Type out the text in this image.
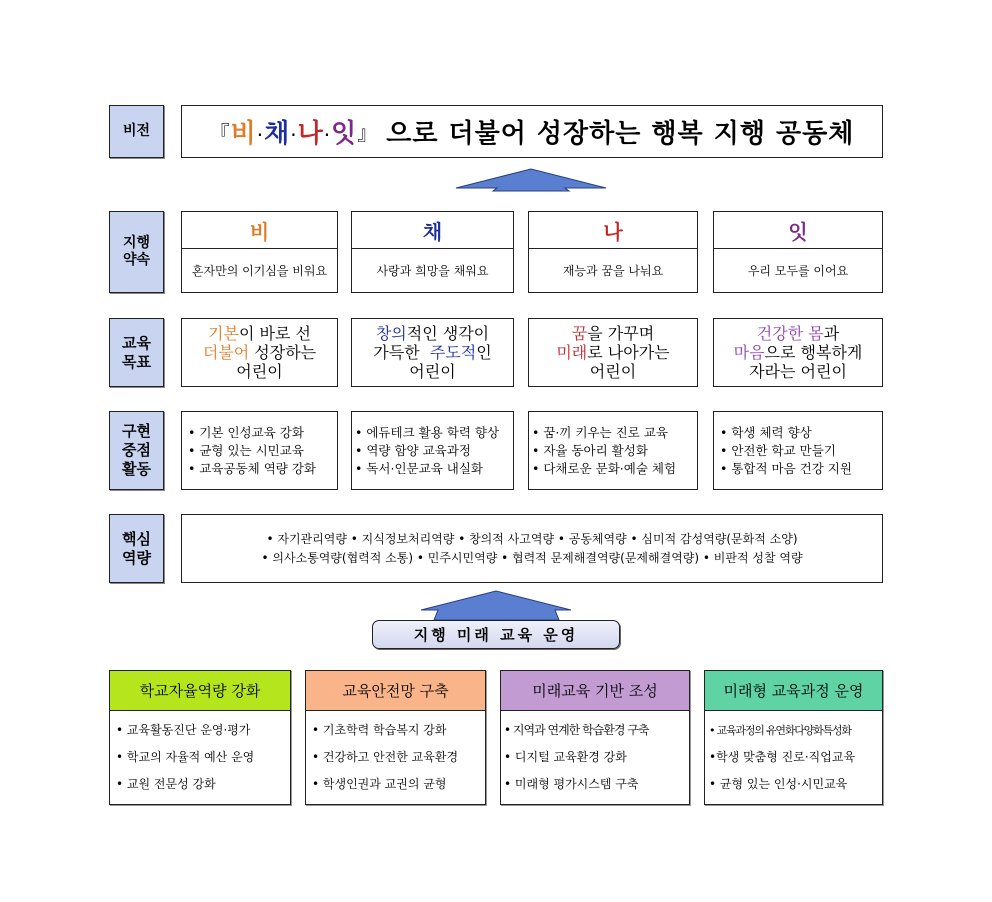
비전	『 비·채·나·잇 』 으로 더불어 성장하는 행복 지행 공동체
지행
약속
비
혼자만의 이기심을 비워요
채
사랑과 희망을 채워요
나
재능과 꿈을 나눠요
잇
우리 모두를 이어요
교육
목표
기본이 바로 선
더불어 성장하는
어린이
창의적인 생각이
가득한  주도적인
어린이
꿈을 가꾸며
미래로 나아가는
어린이
건강한 몸과
마음으로 행복하게
자라는 어린이
구현
중점
활동
• 기본 인성교육 강화
• 균형 있는 시민교육
• 교육공동체 역량 강화
• 에듀테크 활용 학력 향상
• 역량 함양 교육과정
• 독서·인문교육 내실화
• 꿈·끼 키우는 진로 교육
• 자율 동아리 활성화
• 다채로운 문화·예술 체험
• 학생 체력 향상
• 안전한 학교 만들기
• 통합적 마음 건강 지원
핵심
역량
• 자기관리역량 • 지식정보처리역량 • 창의적 사고역량 • 공동체역량 • 심미적 감성역량(문화적 소양)
• 의사소통역량(협력적 소통) • 민주시민역량 • 협력적 문제해결역량(문제해결역량) • 비판적 성찰 역량
지행 미래 교육 운영
학교자율역량 강화
• 교육활동진단 운영·평가
• 학교의 자율적 예산 운영
• 교원 전문성 강화
교육안전망 구축
• 기초학력 학습복지 강화
• 건강하고 안전한 교육환경
• 학생인권과 교권의 균형
미래교육 기반 조성
• 지역과 연계한 학습환경 구축
• 디지털 교육환경 강화
• 미래형 평가시스템 구축
미래형 교육과정 운영
• 교육과정의 유연화다양화특성화
•학생 맞춤형 진로·직업교육
• 균형 있는 인성·시민교육
